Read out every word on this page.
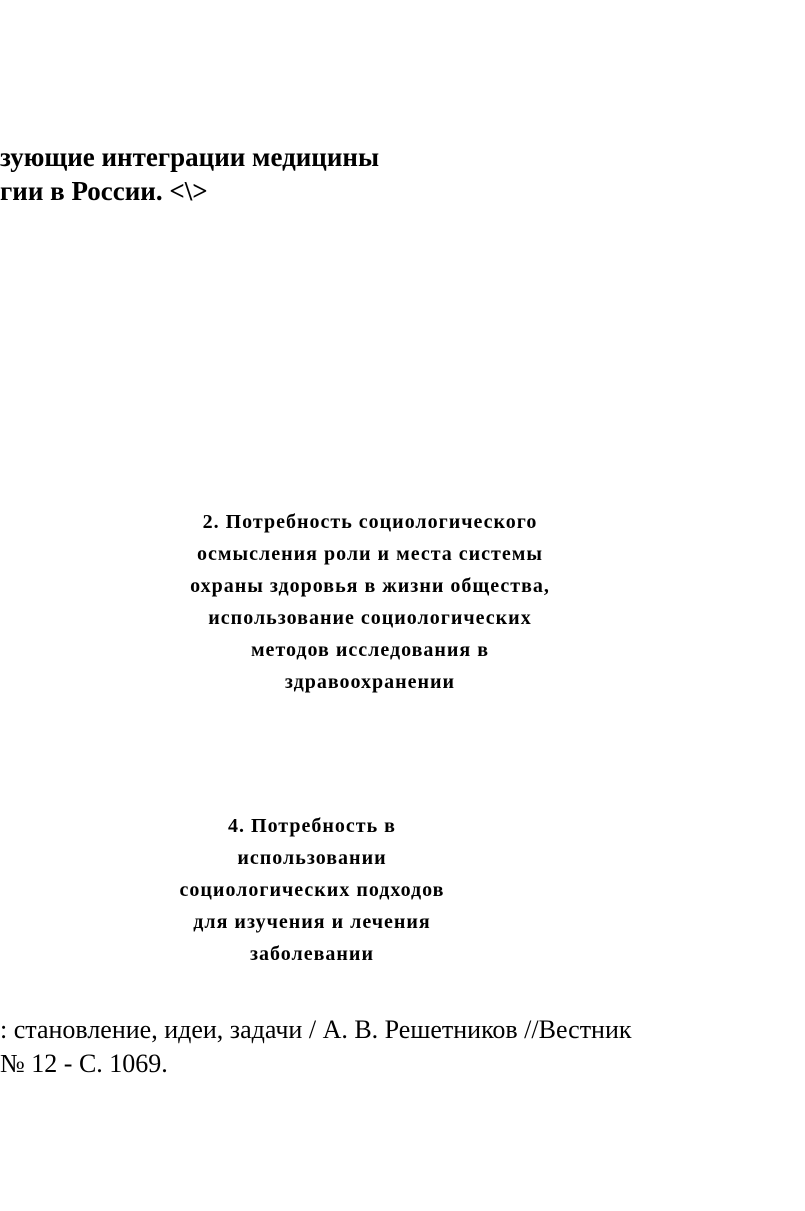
зующие интеграции медицины
гии в России. <\>
2. Потребность социологического
осмысления роли и места системы
охраны здоровья в жизни общества,
использование социологических
методов исследования в
здравоохранении
4. Потребность в
использовании
социологических подходов
для изучения и лечения
заболевании

: становление, идеи, задачи / А. В. Решетников //Вестник
№ 12 - С. 1069.
